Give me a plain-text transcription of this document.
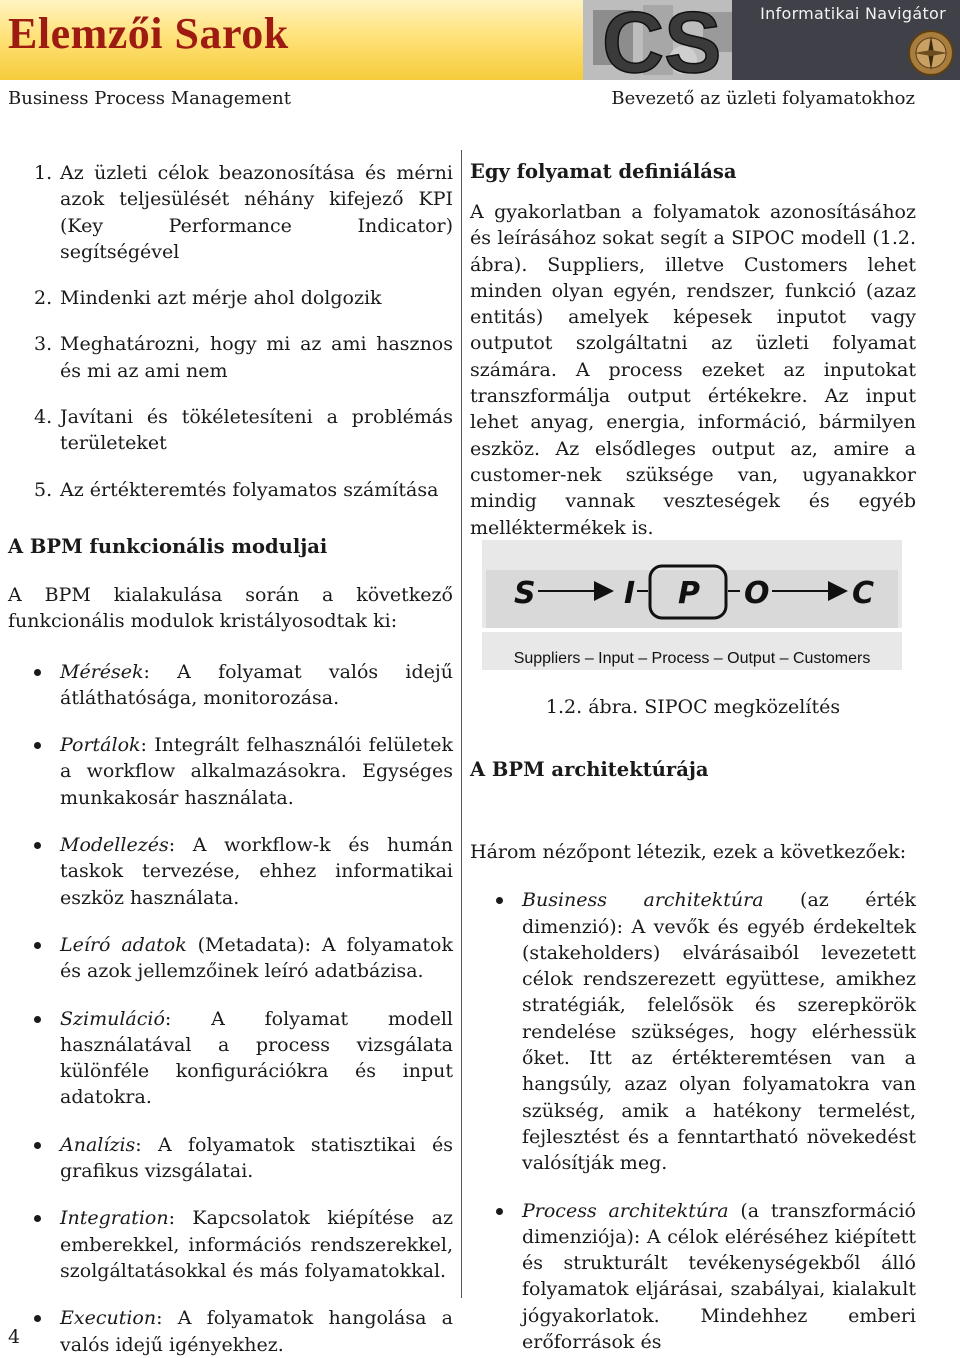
Elemzői Sarok	Informatikai Navigátor
CS
Business Process Management	Bevezető az üzleti folyamatokhoz
1. Az üzleti célok beazonosítása és mérni azok teljesülését néhány kifejező KPI (Key Performance Indicator) segítségével
2. Mindenki azt mérje ahol dolgozik
3. Meghatározni, hogy mi az ami hasznos és mi az ami nem
4. Javítani és tökéletesíteni a problémás területeket
5. Az értékteremtés folyamatos számítása
A BPM funkcionális moduljai

A BPM kialakulása során a következő funkcionális modulok kristályosodtak ki:

Mérések: A folyamat valós idejű átláthatósága, monitorozása.
Portálok: Integrált felhasználói felületek a workflow alkalmazásokra. Egységes munkakosár használata.
Modellezés: A workflow-k és humán taskok tervezése, ehhez informatikai eszköz használata.
Leíró adatok (Metadata): A folyamatok és azok jellemzőinek leíró adatbázisa.
Szimuláció: A folyamat modell használatával a process vizsgálata különféle konfigurációkra és input adatokra.
Analízis: A folyamatok statisztikai és grafikus vizsgálatai.
Integration: Kapcsolatok kiépítése az emberekkel, információs rendszerekkel, szolgáltatásokkal és más folyamatokkal.
Execution: A folyamatok hangolása a valós idejű igényekhez.
Egy folyamat definiálása

A gyakorlatban a folyamatok azonosításához és leírásához sokat segít a SIPOC modell (1.2. ábra). Suppliers, illetve Customers lehet minden olyan egyén, rendszer, funkció (azaz entitás) amelyek képesek inputot vagy outputot szolgáltatni az üzleti folyamat számára. A process ezeket az inputokat transzformálja output értékekre. Az input lehet anyag, energia, információ, bármilyen eszköz. Az elsődleges output az, amire a customer-nek szüksége van, ugyanakkor mindig vannak veszteségek és egyéb melléktermékek is.

S	I P O	C
Suppliers – Input – Process – Output – Customers
1.2. ábra. SIPOC megközelítés
A BPM architektúrája

Három nézőpont létezik, ezek a következőek:

Business architektúra (az érték dimenzió): A vevők és egyéb érdekeltek (stakeholders) elvárásaiból levezetett célok rendszerezett együttese, amikhez stratégiák, felelősök és szerepkörök rendelése szükséges, hogy elérhessük őket. Itt az értékteremtésen van a hangsúly, azaz olyan folyamatokra van szükség, amik a hatékony termelést, fejlesztést és a fenntartható növekedést valósítják meg.
Process architektúra (a transzformáció dimenziója): A célok eléréséhez kiépített és strukturált tevékenységekből álló folyamatok eljárásai, szabályai, kialakult jógyakorlatok. Mindehhez emberi erőforrások és
4
